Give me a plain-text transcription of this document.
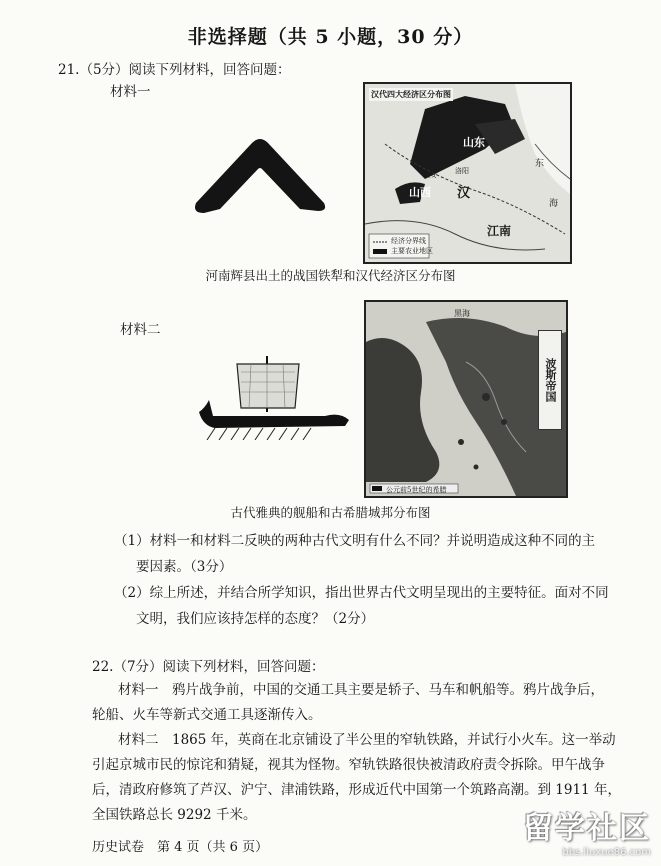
非选择题（共 5 小题，30 分）
21.（5分）阅读下列材料，回答问题：
材料一	汉代四大经济区分布图
山西
山东
江南
汉
东
海
洛阳
长安
经济分界线
主要农业地区
河南辉县出土的战国铁犁和汉代经济区分布图
材料二
波斯帝国
黑海
公元前5世纪的希腊
古代雅典的舰船和古希腊城邦分布图
（1）材料一和材料二反映的两种古代文明有什么不同？并说明造成这种不同的主
要因素。（3分）
（2）综上所述，并结合所学知识，指出世界古代文明呈现出的主要特征。面对不同
文明，我们应该持怎样的态度？（2分）
22.（7分）阅读下列材料，回答问题：
材料一　鸦片战争前，中国的交通工具主要是轿子、马车和帆船等。鸦片战争后，
轮船、火车等新式交通工具逐渐传入。
材料二　1865 年，英商在北京铺设了半公里的窄轨铁路，并试行小火车。这一举动
引起京城市民的惊诧和猜疑，视其为怪物。窄轨铁路很快被清政府责令拆除。甲午战争
后，清政府修筑了芦汉、沪宁、津浦铁路，形成近代中国第一个筑路高潮。到 1911 年，
全国铁路总长 9292 千米。
历史试卷　第 4 页（共 6 页）
留学社区
bbs.liuxue86.com
